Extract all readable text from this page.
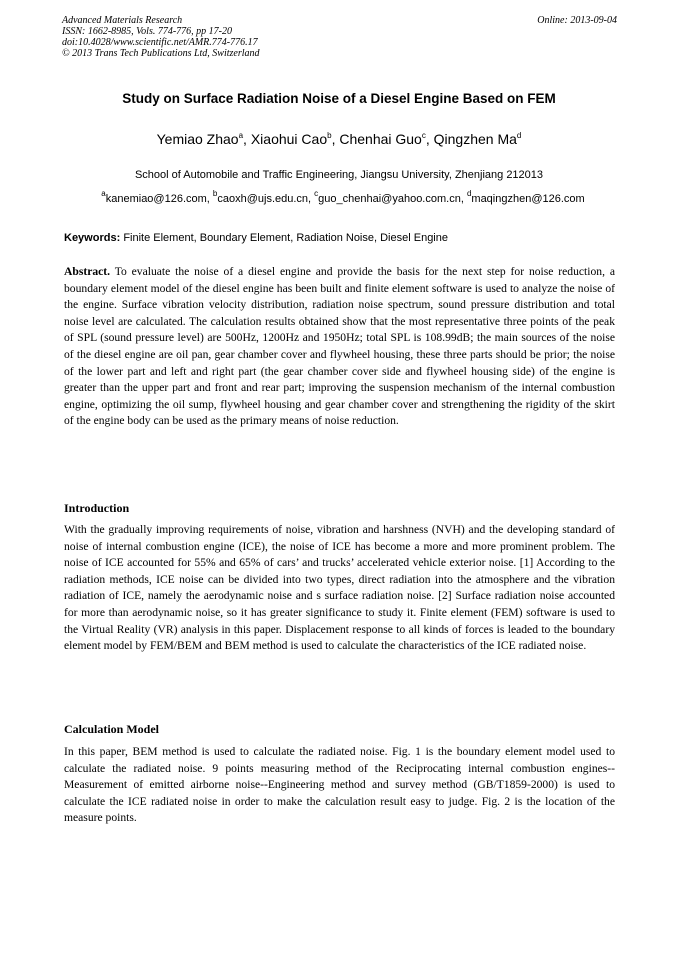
Advanced Materials Research
ISSN: 1662-8985, Vols. 774-776, pp 17-20
doi:10.4028/www.scientific.net/AMR.774-776.17
© 2013 Trans Tech Publications Ltd, Switzerland
Online: 2013-09-04
Study on Surface Radiation Noise of a Diesel Engine Based on FEM
Yemiao Zhao$^a$, Xiaohui Cao$^b$, Chenhai Guo$^c$, Qingzhen Ma$^d$
School of Automobile and Traffic Engineering, Jiangsu University, Zhenjiang 212013
$^a$kanemiao@126.com, $^b$caoxh@ujs.edu.cn, $^c$guo_chenhai@yahoo.com.cn, $^d$maqingzhen@126.com
Keywords: Finite Element, Boundary Element, Radiation Noise, Diesel Engine

Abstract. To evaluate the noise of a diesel engine and provide the basis for the next step for noise reduction, a boundary element model of the diesel engine has been built and finite element software is used to analyze the noise of the engine. Surface vibration velocity distribution, radiation noise spectrum, sound pressure distribution and total noise level are calculated. The calculation results obtained show that the most representative three points of the peak of SPL (sound pressure level) are 500Hz, 1200Hz and 1950Hz; total SPL is 108.99dB; the main sources of the noise of the diesel engine are oil pan, gear chamber cover and flywheel housing, these three parts should be prior; the noise of the lower part and left and right part (the gear chamber cover side and flywheel housing side) of the engine is greater than the upper part and front and rear part; improving the suspension mechanism of the internal combustion engine, optimizing the oil sump, flywheel housing and gear chamber cover and strengthening the rigidity of the skirt of the engine body can be used as the primary means of noise reduction.

Introduction

With the gradually improving requirements of noise, vibration and harshness (NVH) and the developing standard of noise of internal combustion engine (ICE), the noise of ICE has become a more and more prominent problem. The noise of ICE accounted for 55% and 65% of cars’ and trucks’ accelerated vehicle exterior noise. [1] According to the radiation methods, ICE noise can be divided into two types, direct radiation into the atmosphere and the vibration radiation of ICE, namely the aerodynamic noise and s surface radiation noise. [2] Surface radiation noise accounted for more than aerodynamic noise, so it has greater significance to study it. Finite element (FEM) software is used to the Virtual Reality (VR) analysis in this paper. Displacement response to all kinds of forces is leaded to the boundary element model by FEM/BEM and BEM method is used to calculate the characteristics of the ICE radiated noise.

Calculation Model

In this paper, BEM method is used to calculate the radiated noise. Fig. 1 is the boundary element model used to calculate the radiated noise. 9 points measuring method of the Reciprocating internal combustion engines--Measurement of emitted airborne noise--Engineering method and survey method (GB/T1859-2000) is used to calculate the ICE radiated noise in order to make the calculation result easy to judge. Fig. 2 is the location of the measure points.
